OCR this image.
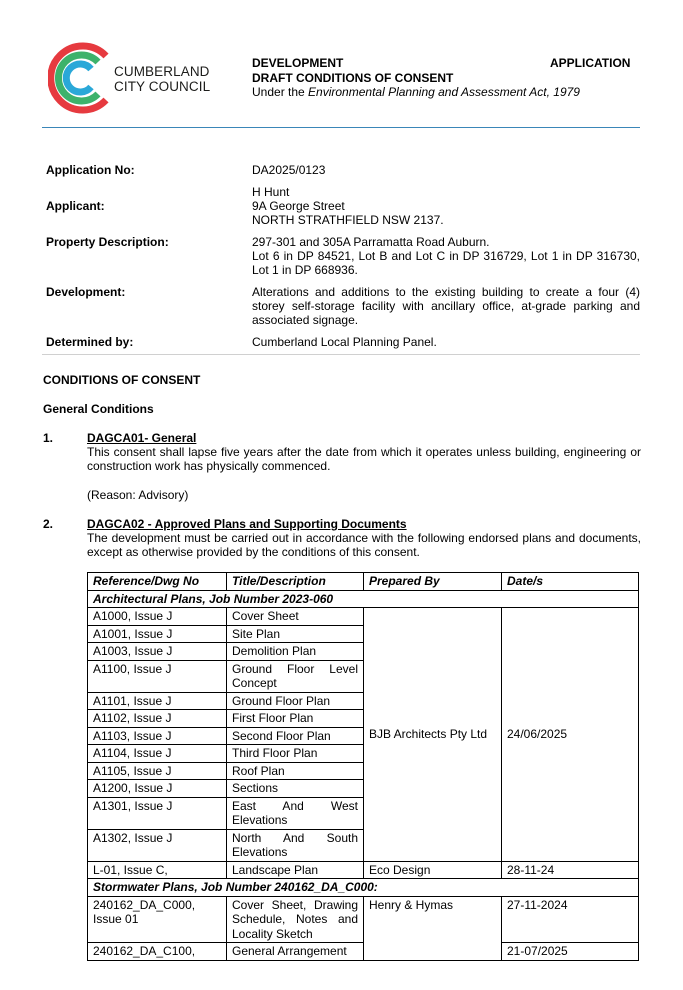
CUMBERLAND
CITY COUNCIL
DEVELOPMENT	APPLICATION
DRAFT CONDITIONS OF CONSENT
Under the Environmental Planning and Assessment Act, 1979
Application No:	DA2025/0123
Applicant:
H Hunt
9A George Street
NORTH STRATHFIELD NSW 2137.
Property Description:	297-301 and 305A Parramatta Road Auburn.
Lot 6 in DP 84521, Lot B and Lot C in DP 316729, Lot 1 in DP 316730, Lot 1 in DP 668936.
Development:	Alterations and additions to the existing building to create a four (4) storey self-storage facility with ancillary office, at-grade parking and associated signage.
Determined by:	Cumberland Local Planning Panel.
CONDITIONS OF CONSENT
General Conditions
1.	DAGCA01- General
This consent shall lapse five years after the date from which it operates unless building, engineering or construction work has physically commenced.
(Reason: Advisory)
2.	DAGCA02 - Approved Plans and Supporting Documents
The development must be carried out in accordance with the following endorsed plans and documents, except as otherwise provided by the conditions of this consent.
Reference/Dwg No	Title/Description	Prepared By	Date/s
Architectural Plans, Job Number 2023-060			
A1000, Issue J	Cover Sheet	BJB Architects Pty Ltd	24/06/2025
A1001, Issue J	Site Plan		
A1003, Issue J	Demolition Plan		
A1100, Issue J	Ground Floor Level Concept		
A1101, Issue J	Ground Floor Plan		
A1102, Issue J	First Floor Plan		
A1103, Issue J	Second Floor Plan		
A1104, Issue J	Third Floor Plan		
A1105, Issue J	Roof Plan		
A1200, Issue J	Sections		
A1301, Issue J	East And West Elevations		
A1302, Issue J	North And South Elevations		
L-01, Issue C,	Landscape Plan	Eco Design	28-11-24
Stormwater Plans, Job Number 240162_DA_C000:			
240162_DA_C000, Issue 01	Cover Sheet, Drawing Schedule, Notes and Locality Sketch	Henry & Hymas	27-11-2024
240162_DA_C100,	General Arrangement		21-07/2025
